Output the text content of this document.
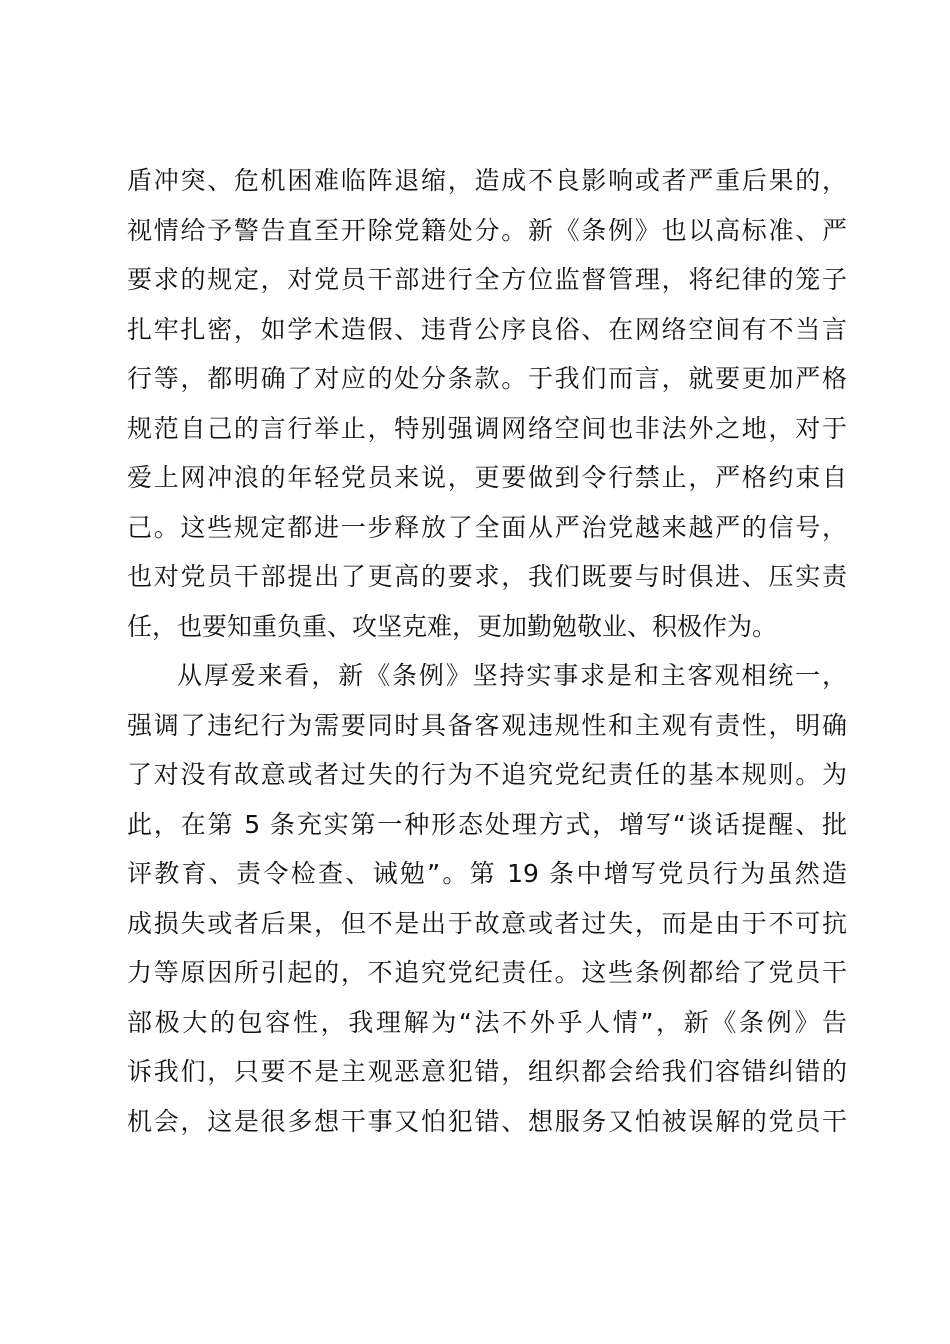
盾冲突、危机困难临阵退缩，造成不良影响或者严重后果的，
视情给予警告直至开除党籍处分。新《条例》也以高标准、严
要求的规定，对党员干部进行全方位监督管理，将纪律的笼子
扎牢扎密，如学术造假、违背公序良俗、在网络空间有不当言
行等，都明确了对应的处分条款。于我们而言，就要更加严格
规范自己的言行举止，特别强调网络空间也非法外之地，对于
爱上网冲浪的年轻党员来说，更要做到令行禁止，严格约束自
己。这些规定都进一步释放了全面从严治党越来越严的信号，
也对党员干部提出了更高的要求，我们既要与时俱进、压实责
任，也要知重负重、攻坚克难，更加勤勉敬业、积极作为。
从厚爱来看，新《条例》坚持实事求是和主客观相统一，
强调了违纪行为需要同时具备客观违规性和主观有责性，明确
了对没有故意或者过失的行为不追究党纪责任的基本规则。为
此，在第 5 条充实第一种形态处理方式，增写“谈话提醒、批
评教育、责令检查、诫勉”。第 19 条中增写党员行为虽然造
成损失或者后果，但不是出于故意或者过失，而是由于不可抗
力等原因所引起的，不追究党纪责任。这些条例都给了党员干
部极大的包容性，我理解为“法不外乎人情”，新《条例》告
诉我们，只要不是主观恶意犯错，组织都会给我们容错纠错的
机会，这是很多想干事又怕犯错、想服务又怕被误解的党员干
